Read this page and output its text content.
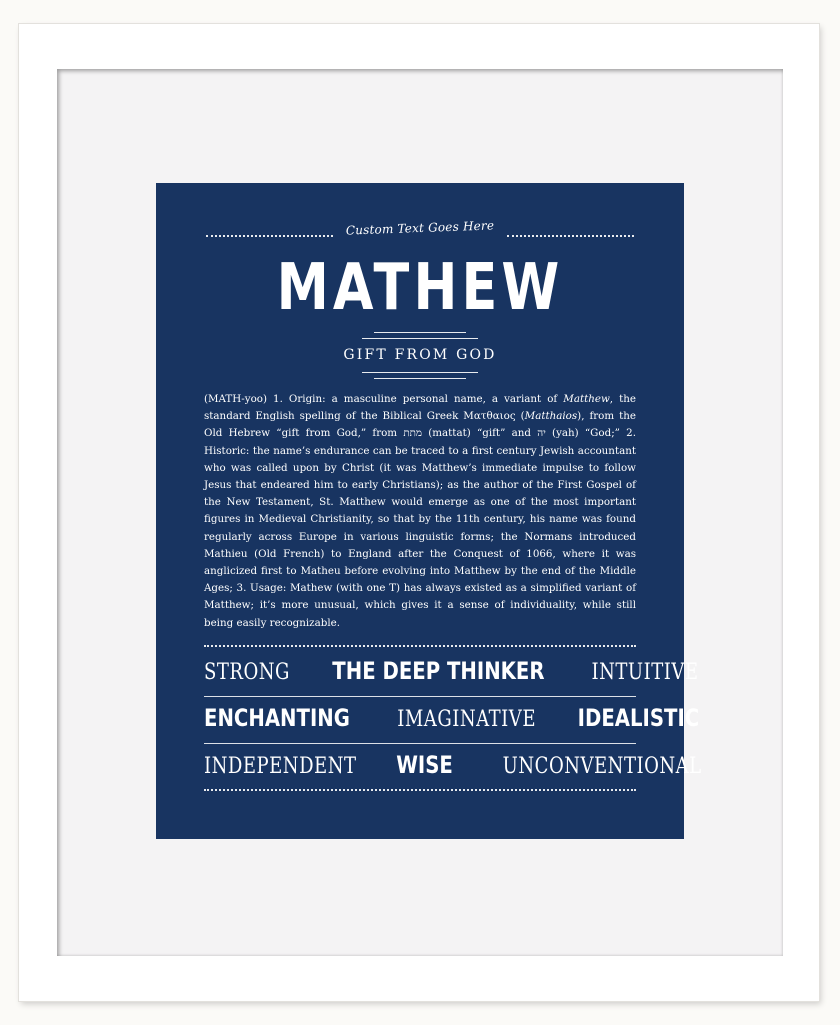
Custom Text Goes Here
MATHEW
GIFT FROM GOD
(MATH-yoo) 1. Origin: a masculine personal name, a variant of Matthew, the standard English spelling of the Biblical Greek Ματθαιος (Matthaios), from the Old Hebrew “gift from God,” from מתת (mattat) “gift” and יה (yah) “God;” 2. Historic: the name’s endurance can be traced to a first century Jewish accountant who was called upon by Christ (it was Matthew’s immediate impulse to follow Jesus that endeared him to early Christians); as the author of the First Gospel of the New Testament, St. Matthew would emerge as one of the most important figures in Medieval Christianity, so that by the 11th century, his name was found regularly across Europe in various linguistic forms; the Normans introduced Mathieu (Old French) to England after the Conquest of 1066, where it was anglicized first to Matheu before evolving into Matthew by the end of the Middle Ages; 3. Usage: Mathew (with one T) has always existed as a simplified variant of Matthew; it’s more unusual, which gives it a sense of individuality, while still being easily recognizable.
STRONG THE DEEP THINKER INTUITIVE
ENCHANTING IMAGINATIVE IDEALISTIC
INDEPENDENT WISE UNCONVENTIONAL
